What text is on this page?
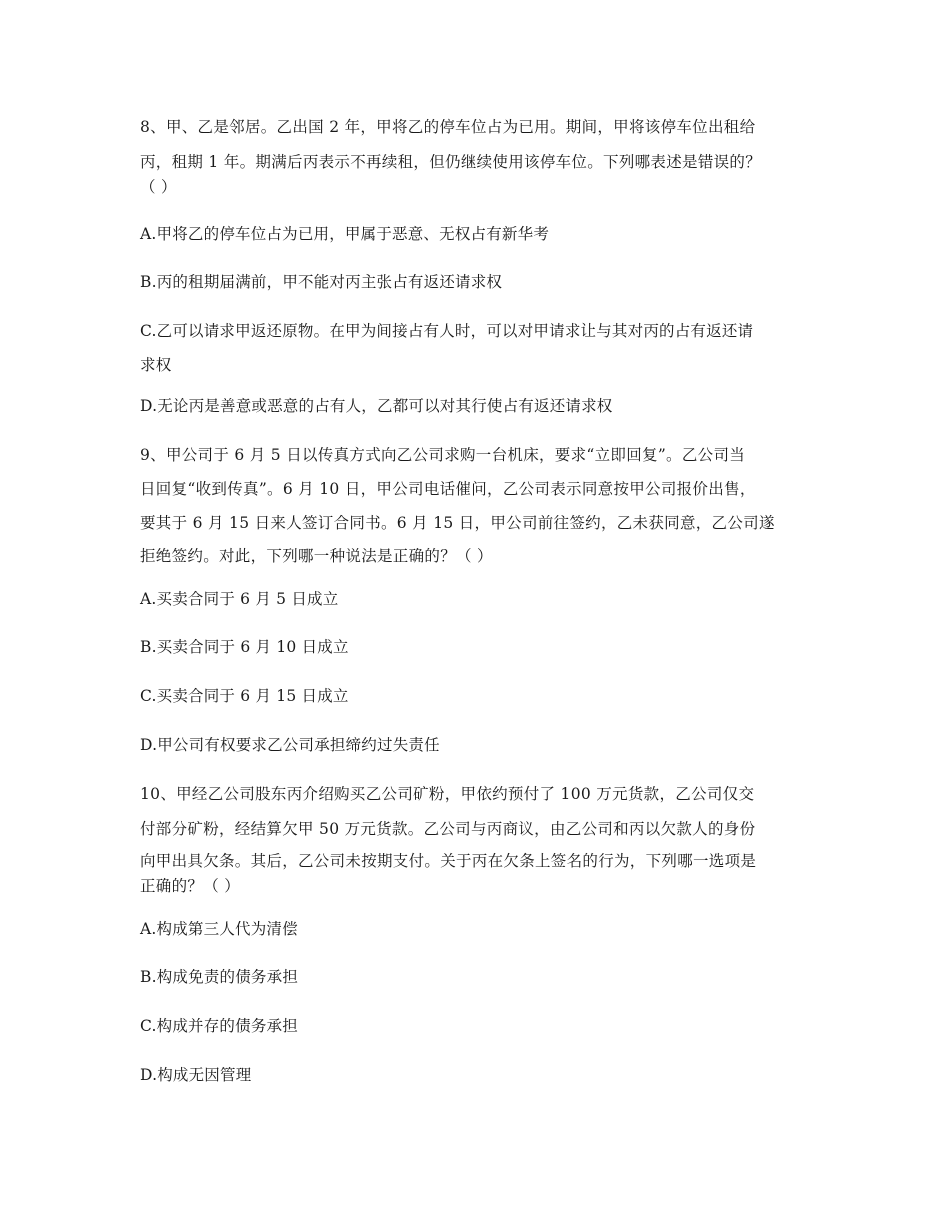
8、甲、乙是邻居。乙出国 2 年，甲将乙的停车位占为已用。期间，甲将该停车位出租给
丙，租期 1 年。期满后丙表示不再续租，但仍继续使用该停车位。下列哪表述是错误的？
（ ）
A.甲将乙的停车位占为已用，甲属于恶意、无权占有新华考
B.丙的租期届满前，甲不能对丙主张占有返还请求权
C.乙可以请求甲返还原物。在甲为间接占有人时，可以对甲请求让与其对丙的占有返还请
求权
D.无论丙是善意或恶意的占有人，乙都可以对其行使占有返还请求权
9、甲公司于 6 月 5 日以传真方式向乙公司求购一台机床，要求“立即回复”。乙公司当
日回复“收到传真”。6 月 10 日，甲公司电话催问，乙公司表示同意按甲公司报价出售，
要其于 6 月 15 日来人签订合同书。6 月 15 日，甲公司前往签约，乙未获同意，乙公司遂
拒绝签约。对此，下列哪一种说法是正确的？（ ）
A.买卖合同于 6 月 5 日成立
B.买卖合同于 6 月 10 日成立
C.买卖合同于 6 月 15 日成立
D.甲公司有权要求乙公司承担缔约过失责任
10、甲经乙公司股东丙介绍购买乙公司矿粉，甲依约预付了 100 万元货款，乙公司仅交
付部分矿粉，经结算欠甲 50 万元货款。乙公司与丙商议，由乙公司和丙以欠款人的身份
向甲出具欠条。其后，乙公司未按期支付。关于丙在欠条上签名的行为，下列哪一选项是
正确的？（ ）
A.构成第三人代为清偿
B.构成免责的债务承担
C.构成并存的债务承担
D.构成无因管理
